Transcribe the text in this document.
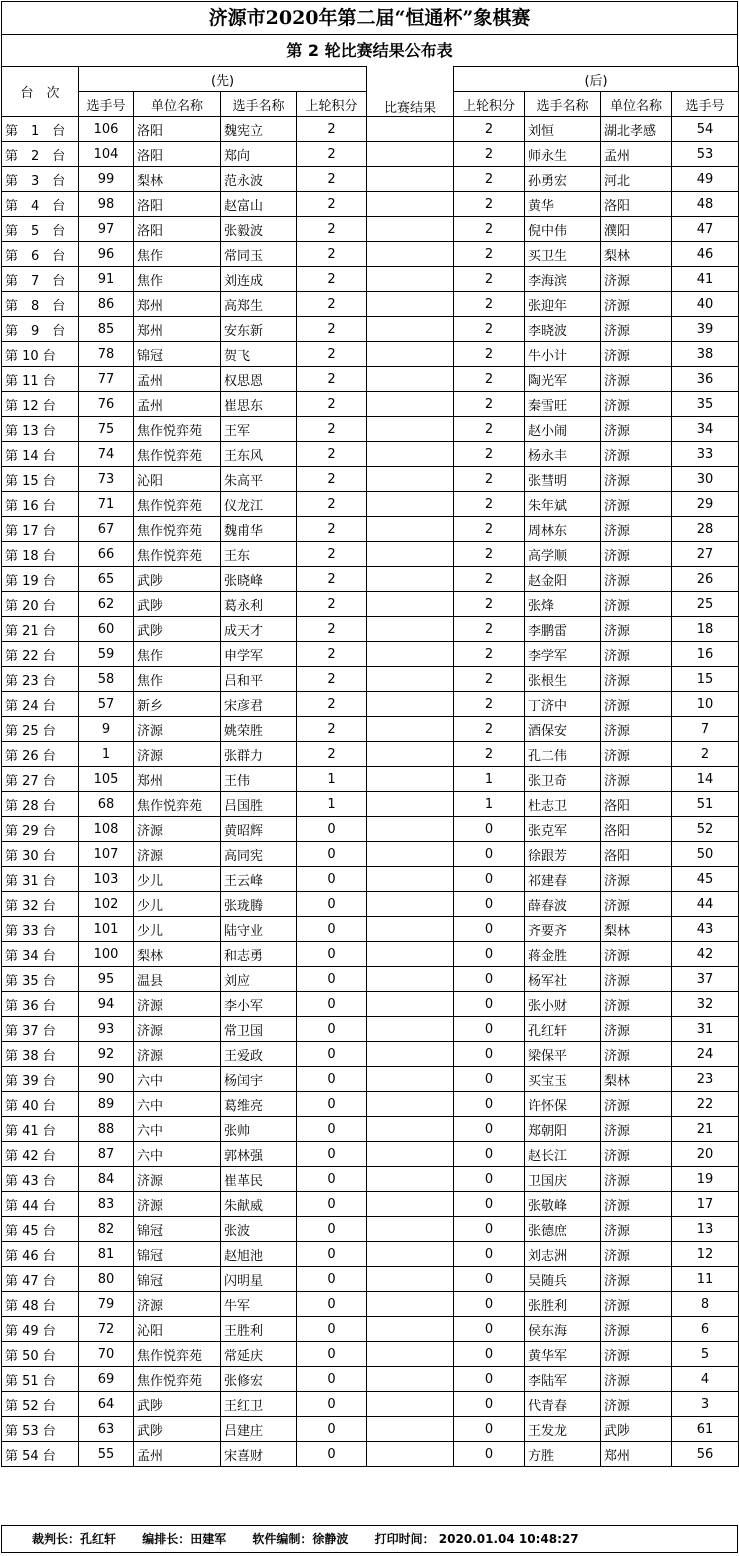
济源市2020年第二届“恒通杯”象棋赛
第 2 轮比赛结果公布表
台　次	(先)				比赛结果	(后)			
	选手号	单位名称	选手名称	上轮积分		上轮积分	选手名称	单位名称	选手号
第　1　台	106	洛阳	魏宪立	2		2	刘恒	湖北孝感	54
第　2　台	104	洛阳	郑向	2		2	师永生	孟州	53
第　3　台	99	梨林	范永波	2		2	孙勇宏	河北	49
第　4　台	98	洛阳	赵富山	2		2	黄华	洛阳	48
第　5　台	97	洛阳	张毅波	2		2	倪中伟	濮阳	47
第　6　台	96	焦作	常同玉	2		2	买卫生	梨林	46
第　7　台	91	焦作	刘连成	2		2	李海滨	济源	41
第　8　台	86	郑州	高郑生	2		2	张迎年	济源	40
第　9　台	85	郑州	安东新	2		2	李晓波	济源	39
第 10 台	78	锦冠	贺飞	2		2	牛小计	济源	38
第 11 台	77	孟州	权思恩	2		2	陶光军	济源	36
第 12 台	76	孟州	崔思东	2		2	秦雪旺	济源	35
第 13 台	75	焦作悦弈苑	王军	2		2	赵小闹	济源	34
第 14 台	74	焦作悦弈苑	王东风	2		2	杨永丰	济源	33
第 15 台	73	沁阳	朱高平	2		2	张彗明	济源	30
第 16 台	71	焦作悦弈苑	仪龙江	2		2	朱年斌	济源	29
第 17 台	67	焦作悦弈苑	魏甫华	2		2	周林东	济源	28
第 18 台	66	焦作悦弈苑	王东	2		2	高学顺	济源	27
第 19 台	65	武陟	张晓峰	2		2	赵金阳	济源	26
第 20 台	62	武陟	葛永利	2		2	张烽	济源	25
第 21 台	60	武陟	成天才	2		2	李鹏雷	济源	18
第 22 台	59	焦作	申学军	2		2	李学军	济源	16
第 23 台	58	焦作	吕和平	2		2	张根生	济源	15
第 24 台	57	新乡	宋彦君	2		2	丁济中	济源	10
第 25 台	9	济源	姚荣胜	2		2	酒保安	济源	7
第 26 台	1	济源	张群力	2		2	孔二伟	济源	2
第 27 台	105	郑州	王伟	1		1	张卫奇	济源	14
第 28 台	68	焦作悦弈苑	吕国胜	1		1	杜志卫	洛阳	51
第 29 台	108	济源	黄昭辉	0		0	张克军	洛阳	52
第 30 台	107	济源	高同宪	0		0	徐跟芳	洛阳	50
第 31 台	103	少儿	王云峰	0		0	祁建春	济源	45
第 32 台	102	少儿	张珑腾	0		0	薛春波	济源	44
第 33 台	101	少儿	陆守业	0		0	齐要齐	梨林	43
第 34 台	100	梨林	和志勇	0		0	蒋金胜	济源	42
第 35 台	95	温县	刘应	0		0	杨军社	济源	37
第 36 台	94	济源	李小军	0		0	张小财	济源	32
第 37 台	93	济源	常卫国	0		0	孔红轩	济源	31
第 38 台	92	济源	王爱政	0		0	梁保平	济源	24
第 39 台	90	六中	杨闰宇	0		0	买宝玉	梨林	23
第 40 台	89	六中	葛维亮	0		0	许怀保	济源	22
第 41 台	88	六中	张帅	0		0	郑朝阳	济源	21
第 42 台	87	六中	郭林强	0		0	赵长江	济源	20
第 43 台	84	济源	崔革民	0		0	卫国庆	济源	19
第 44 台	83	济源	朱献威	0		0	张敬峰	济源	17
第 45 台	82	锦冠	张波	0		0	张德庶	济源	13
第 46 台	81	锦冠	赵旭池	0		0	刘志洲	济源	12
第 47 台	80	锦冠	闪明星	0		0	吴随兵	济源	11
第 48 台	79	济源	牛军	0		0	张胜利	济源	8
第 49 台	72	沁阳	王胜利	0		0	侯东海	济源	6
第 50 台	70	焦作悦弈苑	常延庆	0		0	黄华军	济源	5
第 51 台	69	焦作悦弈苑	张修宏	0		0	李陆军	济源	4
第 52 台	64	武陟	王红卫	0		0	代青春	济源	3
第 53 台	63	武陟	吕建庄	0		0	王发龙	武陟	61
第 54 台	55	孟州	宋喜财	0		0	方胜	郑州	56
裁判长：孔红轩 编排长：田建军 软件编制：徐静波 打印时间： 2020.01.04 10:48:27
